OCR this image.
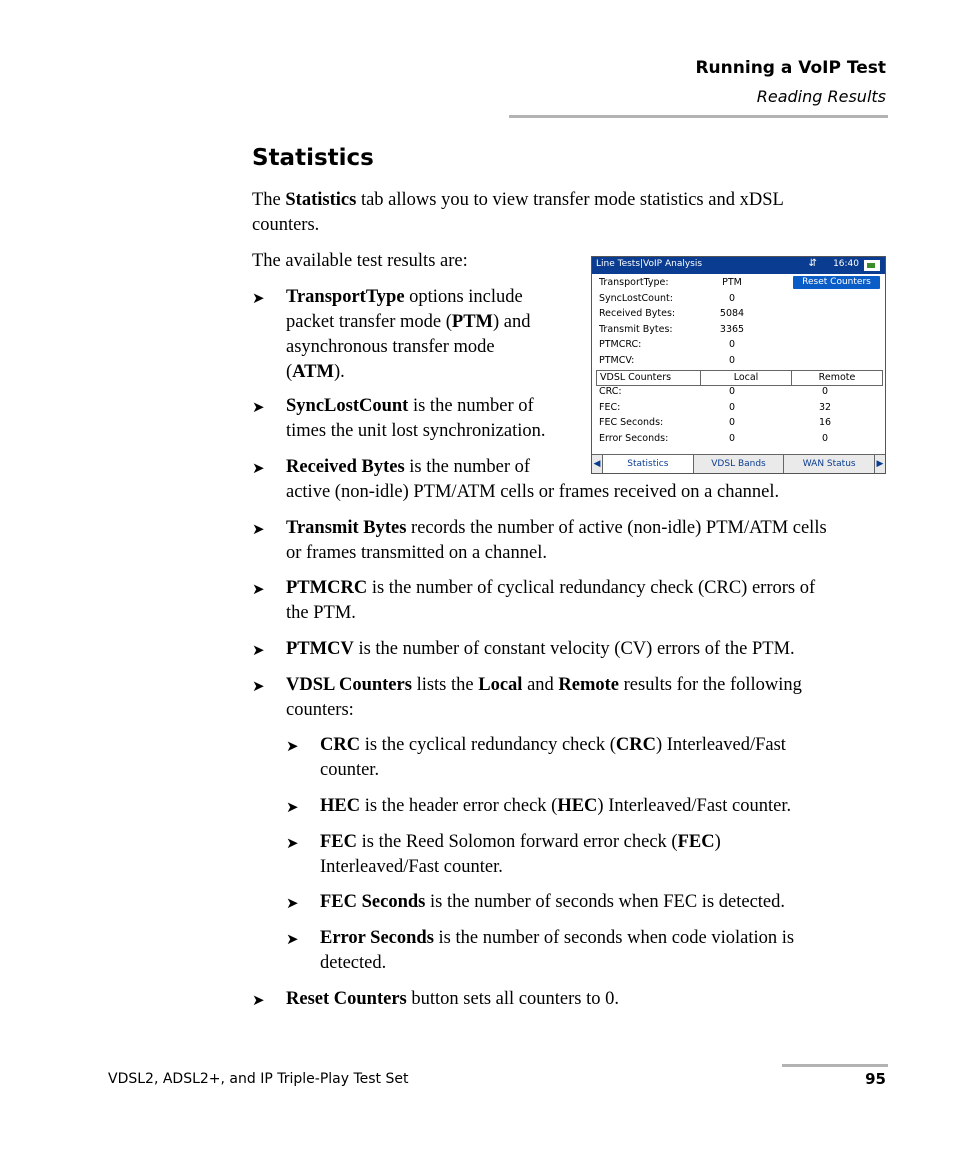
Running a VoIP Test
Reading Results
Statistics

The Statistics tab allows you to view transfer mode statistics and xDSL
counters.

The available test results are:	Line Tests|VoIP Analysis	⇵ 16:40
Reset Counters
TransportType:	PTM
SyncLostCount:	0
Received Bytes:	5084
Transmit Bytes:	3365
PTMCRC:	0
PTMCV:	0
VDSL Counters	Local	Remote
CRC:	0	0
FEC:	0	32
FEC Seconds:	0	16
Error Seconds:	0	0
◀	Statistics	VDSL Bands	WAN Status	▶
➤ TransportType options include
packet transfer mode (PTM) and
asynchronous transfer mode
(ATM).
➤ SyncLostCount is the number of
times the unit lost synchronization.
➤ Received Bytes is the number of
active (non-idle) PTM/ATM cells or frames received on a channel.
➤ Transmit Bytes records the number of active (non-idle) PTM/ATM cells
or frames transmitted on a channel.
➤ PTMCRC is the number of cyclical redundancy check (CRC) errors of
the PTM.
➤ PTMCV is the number of constant velocity (CV) errors of the PTM.
➤ VDSL Counters lists the Local and Remote results for the following
counters:
➤ CRC is the cyclical redundancy check (CRC) Interleaved/Fast
counter.
➤ HEC is the header error check (HEC) Interleaved/Fast counter.
➤ FEC is the Reed Solomon forward error check (FEC)
Interleaved/Fast counter.
➤ FEC Seconds is the number of seconds when FEC is detected.
➤ Error Seconds is the number of seconds when code violation is
detected.
➤ Reset Counters button sets all counters to 0.
VDSL2, ADSL2+, and IP Triple-Play Test Set	95
